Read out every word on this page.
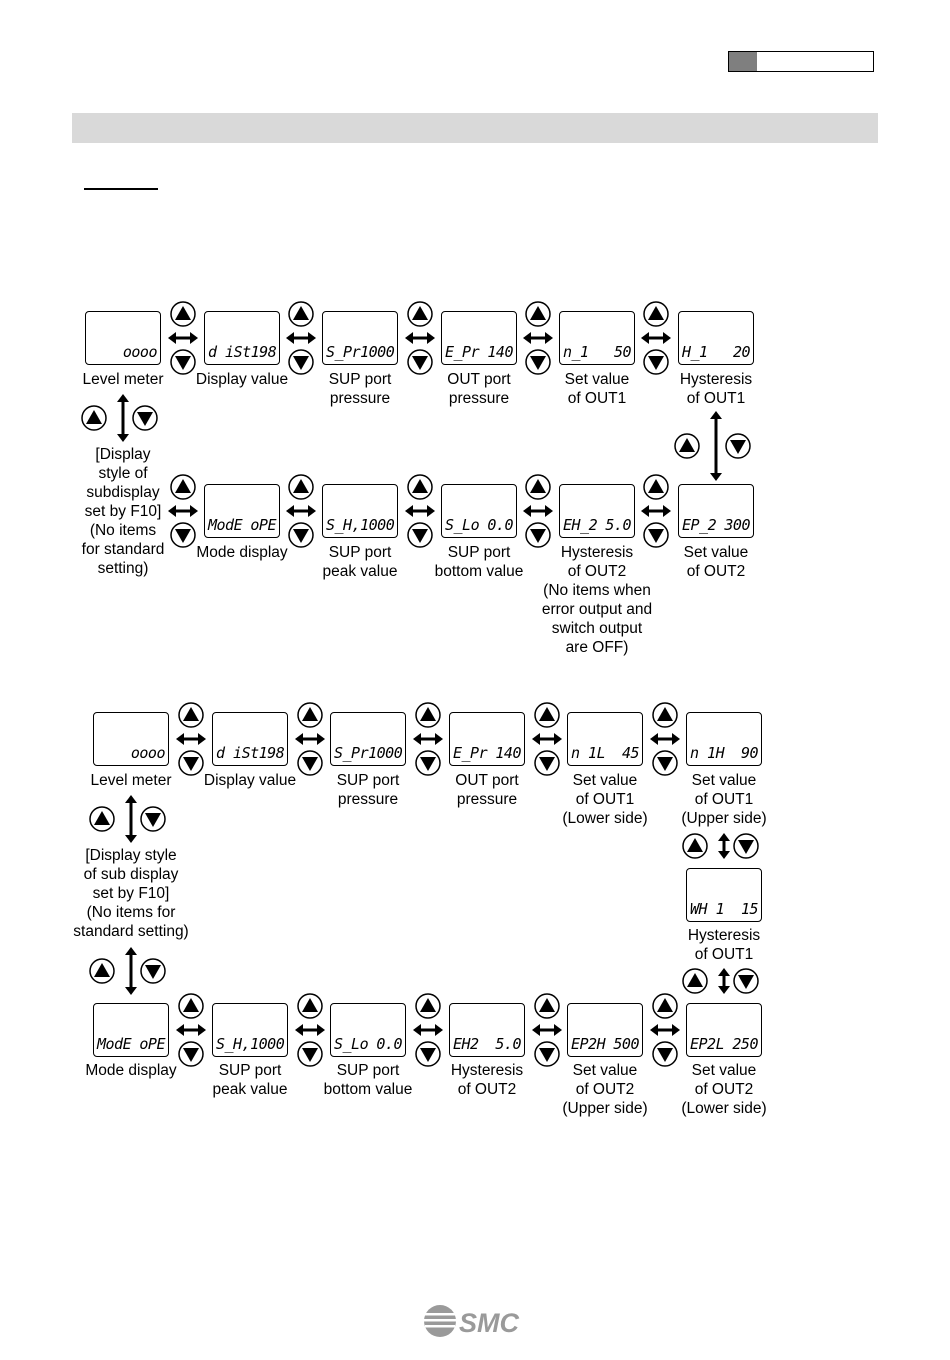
oooo
Level meter
d iSt 198
Display value
S_Pr 1000
SUP port
pressure
E_Pr 140
OUT port
pressure
n_1 50
Set value
of OUT1
H_1 20
Hysteresis
of OUT1
[Display
style of
subdisplay
set by F10]
(No items
for standard
setting)
ModE oPE
Mode display
S_H, 1000
SUP port
peak value
S_Lo 0.0
SUP port
bottom value
EH_2 5.0
Hysteresis
of OUT2
(No items when
error output and
switch output
are OFF)
EP_2 300
Set value
of OUT2
oooo
Level meter
d iSt 198
Display value
S_Pr 1000
SUP port
pressure
E_Pr 140
OUT port
pressure
n 1L 45
Set value
of OUT1
(Lower side)
n 1H 90
Set value
of OUT1
(Upper side)
ModE oPE
Mode display
S_H, 1000
SUP port
peak value
S_Lo 0.0
SUP port
bottom value
EH2 5.0
Hysteresis
of OUT2
EP2H 500
Set value
of OUT2
(Upper side)
EP2L 250
Set value
of OUT2
(Lower side)
WH 1 15
Hysteresis
of OUT1
[Display style
of sub display
set by F10]
(No items for
standard setting)
SMC
